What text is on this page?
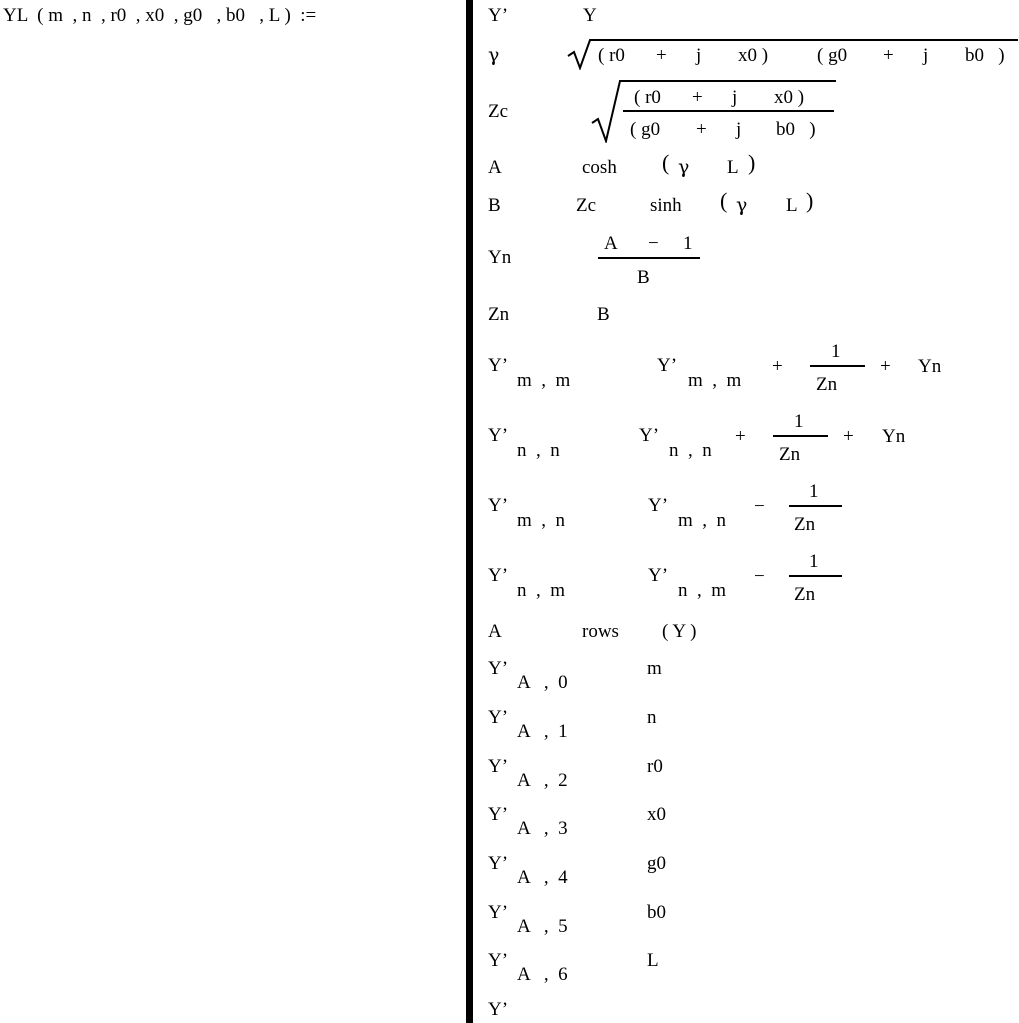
YL  ( m  , n  , r0  , x0  , g0   , b0   , L )  :=	Y’	Y
γ	( r0 + j x0 )	( g0 + j b0   )
Zc
( r0 + j x0 )
( g0 + j b0   )
A	cosh ( γ L )
B	Zc	sinh ( γ L )
Yn
A − 1
B
Zn	B
Y’
m  ,  m
Y’
m  ,  m
+
1
Zn
+ Yn
Y’
n  ,  n
Y’
n  ,  n
+
1
Zn
+ Yn
Y’
m  ,  n
Y’
m  ,  n
−
1
Zn
Y’
n  ,  m
Y’
n  ,  m
−
1
Zn
A	rows ( Y )
Y’
A   ,  0
m
Y’
A   ,  1
n
Y’
A   ,  2
r0
Y’
A   ,  3
x0
Y’
A   ,  4
g0
Y’
A   ,  5
b0
Y’
A   ,  6
L
Y’
